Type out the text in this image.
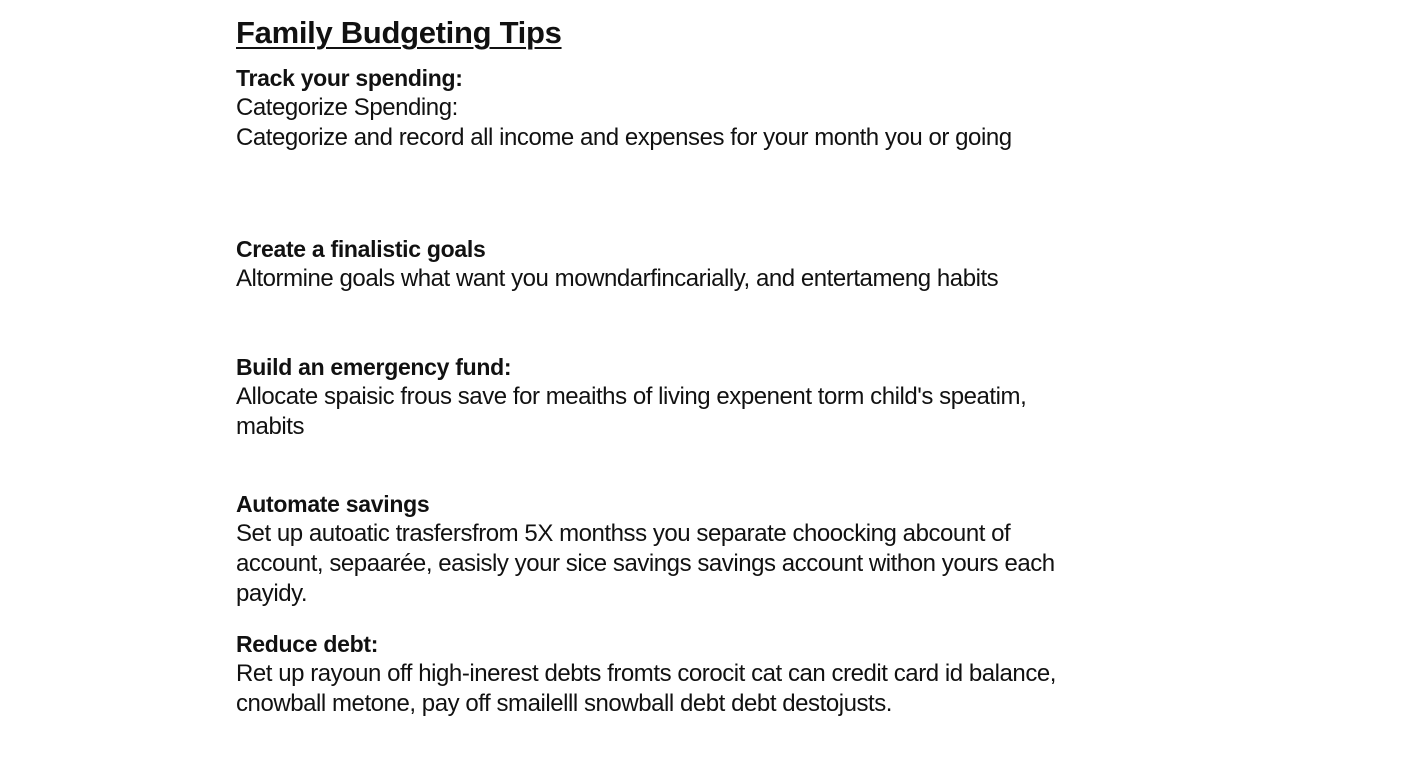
Family Budgeting Tips
Track your spending:
Categorize Spending:
Categorize and record all income and expenses for your month you or going
Create a finalistic goals
Altormine goals what want you mowndarfincarially, and entertameng habits
Build an emergency fund:
Allocate spaisic frous save for meaiths of living expenent torm child's speatim,
mabits
Automate savings
Set up autoatic trasfersfrom 5X monthss you separate choocking abcount of
account, sepaarée, easisly your sice savings savings account withon yours each
payidy.
Reduce debt:
Ret up rayoun off high-inerest debts fromts corocit cat can credit card id balance,
cnowball metone, pay off smailelll snowball debt debt destojusts.
